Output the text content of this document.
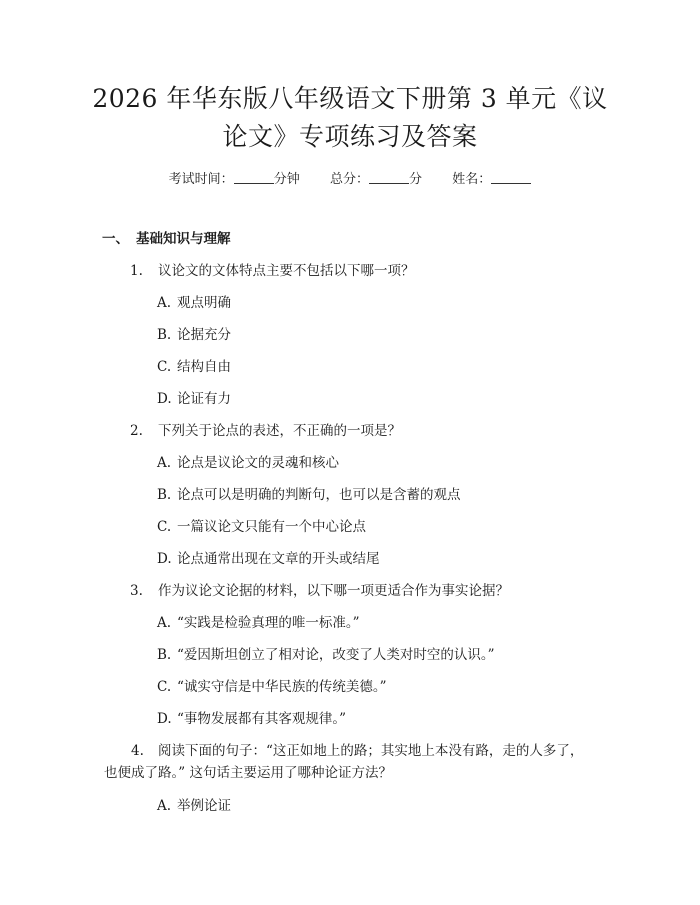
2026 年华东版八年级语文下册第 3 单元《议
论文》专项练习及答案
考试时间：	分钟 总分：	分 姓名：
一、 基础知识与理解
1. 议论文的文体特点主要不包括以下哪一项？
A. 观点明确
B. 论据充分
C. 结构自由
D. 论证有力
2. 下列关于论点的表述，不正确的一项是？
A. 论点是议论文的灵魂和核心
B. 论点可以是明确的判断句，也可以是含蓄的观点
C. 一篇议论文只能有一个中心论点
D. 论点通常出现在文章的开头或结尾
3. 作为议论文论据的材料，以下哪一项更适合作为事实论据？
A. “实践是检验真理的唯一标准。”
B. “爱因斯坦创立了相对论，改变了人类对时空的认识。”
C. “诚实守信是中华民族的传统美德。”
D. “事物发展都有其客观规律。”
4. 阅读下面的句子：“这正如地上的路；其实地上本没有路，走的人多了，
也便成了路。” 这句话主要运用了哪种论证方法？
A. 举例论证
